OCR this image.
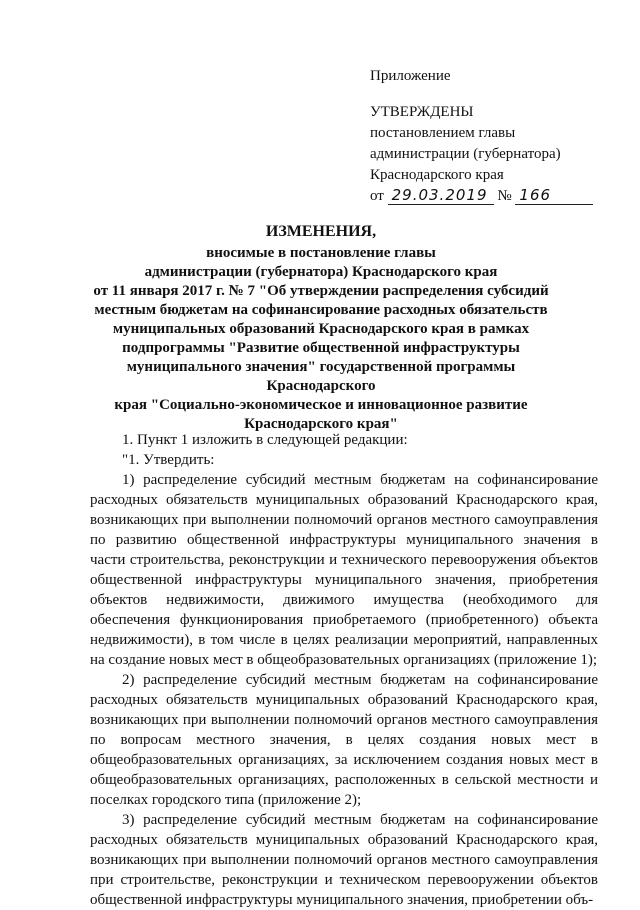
Приложение
УТВЕРЖДЕНЫ
постановлением главы
администрации (губернатора)
Краснодарского края
от 29.03.2019 № 166
ИЗМЕНЕНИЯ,
вносимые в постановление главы
администрации (губернатора) Краснодарского края
от 11 января 2017 г. № 7 "Об утверждении распределения субсидий
местным бюджетам на софинансирование расходных обязательств
муниципальных образований Краснодарского края в рамках
подпрограммы "Развитие общественной инфраструктуры
муниципального значения" государственной программы Краснодарского
края "Социально-экономическое и инновационное развитие
Краснодарского края"

1. Пункт 1 изложить в следующей редакции:

"1. Утвердить:

1) распределение субсидий местным бюджетам на софинансирование расходных обязательств муниципальных образований Краснодарского края, возникающих при выполнении полномочий органов местного самоуправления по развитию общественной инфраструктуры муниципального значения в части строительства, реконструкции и технического перевооружения объектов общественной инфраструктуры муниципального значения, приобретения объектов недвижимости, движимого имущества (необходимого для обеспечения функционирования приобретаемого (приобретенного) объекта недвижимости), в том числе в целях реализации мероприятий, направленных на создание новых мест в общеобразовательных организациях (приложение 1);

2) распределение субсидий местным бюджетам на софинансирование расходных обязательств муниципальных образований Краснодарского края, возникающих при выполнении полномочий органов местного самоуправления по вопросам местного значения, в целях создания новых мест в общеобразовательных организациях, за исключением создания новых мест в общеобразовательных организациях, расположенных в сельской местности и поселках городского типа (приложение 2);

3) распределение субсидий местным бюджетам на софинансирование расходных обязательств муниципальных образований Краснодарского края, возникающих при выполнении полномочий органов местного самоуправления при строительстве, реконструкции и техническом перевооружении объектов общественной инфраструктуры муниципального значения, приобретении объ-
